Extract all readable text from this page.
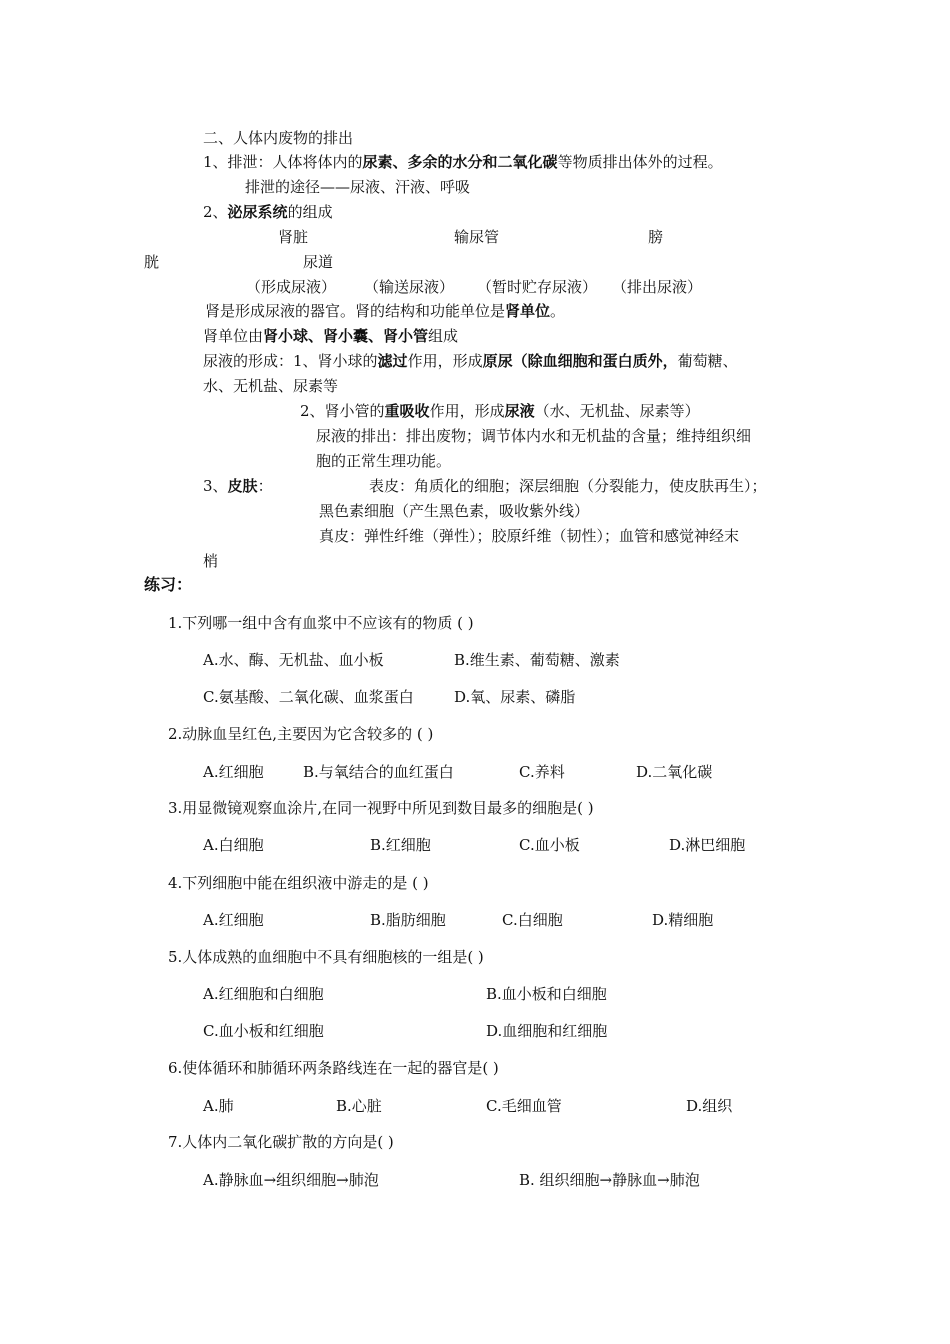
二、人体内废物的排出
1、排泄：人体将体内的尿素、多余的水分和二氧化碳等物质排出体外的过程。
排泄的途径——尿液、汗液、呼吸
2、泌尿系统的组成
肾脏	输尿管	膀
胱	尿道
（形成尿液） （输送尿液） （暂时贮存尿液） （排出尿液）
肾是形成尿液的器官。肾的结构和功能单位是肾单位。
肾单位由肾小球、肾小囊、肾小管组成
尿液的形成：1、肾小球的滤过作用，形成原尿（除血细胞和蛋白质外，葡萄糖、
水、无机盐、尿素等
2、肾小管的重吸收作用，形成尿液（水、无机盐、尿素等）
尿液的排出：排出废物；调节体内水和无机盐的含量；维持组织细
胞的正常生理功能。
3、皮肤：	表皮：角质化的细胞；深层细胞（分裂能力，使皮肤再生）；
黑色素细胞（产生黑色素，吸收紫外线）
真皮：弹性纤维（弹性）；胶原纤维（韧性）；血管和感觉神经末
梢
练习：
1.下列哪一组中含有血浆中不应该有的物质 ( )
A.水、酶、无机盐、血小板	B.维生素、葡萄糖、激素
C.氨基酸、二氧化碳、血浆蛋白	D.氧、尿素、磷脂
2.动脉血呈红色,主要因为它含较多的 ( )
A.红细胞	B.与氧结合的血红蛋白	C.养料	D.二氧化碳
3.用显微镜观察血涂片,在同一视野中所见到数目最多的细胞是( )
A.白细胞	B.红细胞	C.血小板	D.淋巴细胞
4.下列细胞中能在组织液中游走的是 ( )
A.红细胞	B.脂肪细胞	C.白细胞	D.精细胞
5.人体成熟的血细胞中不具有细胞核的一组是( )
A.红细胞和白细胞	B.血小板和白细胞
C.血小板和红细胞	D.血细胞和红细胞
6.使体循环和肺循环两条路线连在一起的器官是( )
A.肺	B.心脏	C.毛细血管	D.组织
7.人体内二氧化碳扩散的方向是( )
A.静脉血→组织细胞→肺泡	B. 组织细胞→静脉血→肺泡
